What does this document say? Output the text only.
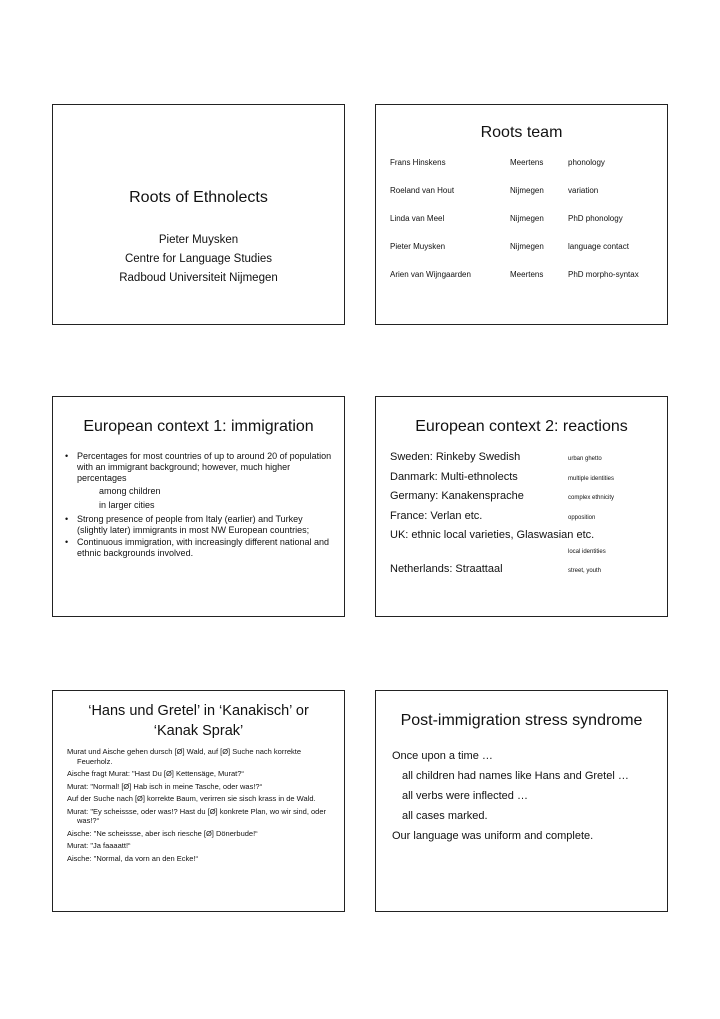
Roots of Ethnolects
Pieter Muysken
Centre for Language Studies
Radboud Universiteit Nijmegen
Roots team
Frans Hinskens	Meertens	phonology
Roeland van Hout	Nijmegen	variation
Linda van Meel	Nijmegen	PhD phonology
Pieter Muysken	Nijmegen	language contact
Arien van Wijngaarden	Meertens	PhD morpho-syntax
European context 1: immigration
• Percentages for most countries of up to around 20 of population with an immigrant background; however, much higher percentages
among children
in larger cities
• Strong presence of people from Italy (earlier) and Turkey (slightly later) immigrants in most NW European countries;
• Continuous immigration, with increasingly different national and ethnic backgrounds involved.
European context 2: reactions
Sweden: Rinkeby Swedish	urban ghetto
Danmark: Multi-ethnolects	multiple identities
Germany: Kanakensprache	complex ethnicity
France: Verlan etc.	opposition
UK: ethnic local varieties, Glaswasian etc.
local identities
Netherlands: Straattaal	street, youth
‘Hans und Gretel’ in ‘Kanakisch’ or
‘Kanak Sprak’
Murat und Aische gehen dursch [Ø] Wald, auf [Ø] Suche nach korrekte Feuerholz.
Aische fragt Murat: "Hast Du [Ø] Kettensäge, Murat?“
Murat: "Normal! [Ø] Hab isch in meine Tasche, oder was!?“
Auf der Suche nach [Ø] korrekte Baum, verirren sie sisch krass in de Wald.
Murat: "Ey scheissse, oder was!? Hast du [Ø] konkrete Plan, wo wir sind, oder was!?“
Aische: "Ne scheissse, aber isch riesche [Ø] Dönerbude!“
Murat: "Ja faaaatt!“
Aische: "Normal, da vorn an den Ecke!“
Post-immigration stress syndrome
Once upon a time …
all children had names like Hans and Gretel …
all verbs were inflected …
all cases marked.
Our language was uniform and complete.
